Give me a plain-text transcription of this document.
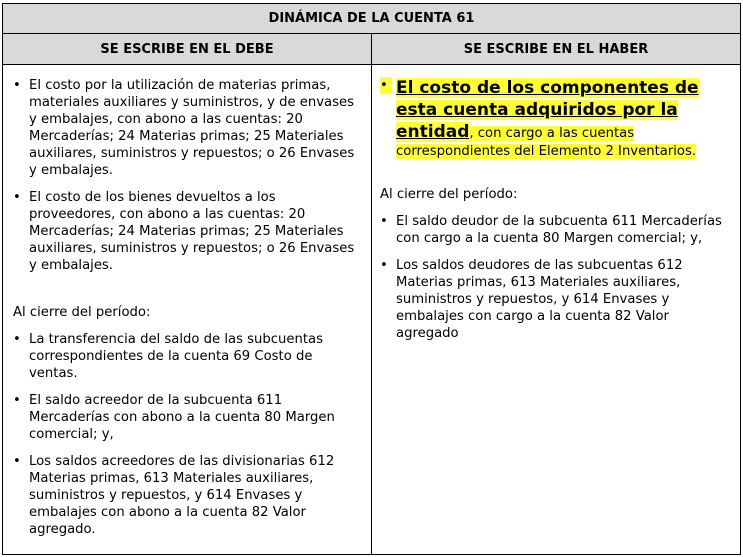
DINÁMICA DE LA CUENTA 61
SE ESCRIBE EN EL DEBE	SE ESCRIBE EN EL HABER
• El costo por la utilización de materias primas, materiales auxiliares y suministros, y de envases y embalajes, con abono a las cuentas: 20 Mercaderías; 24 Materias primas; 25 Materiales auxiliares, suministros y repuestos; o 26 Envases y embalajes.
• El costo de los bienes devueltos a los proveedores, con abono a las cuentas: 20 Mercaderías; 24 Materias primas; 25 Materiales auxiliares, suministros y repuestos; o 26 Envases y embalajes.
Al cierre del período:
• La transferencia del saldo de las subcuentas correspondientes de la cuenta 69 Costo de ventas.
• El saldo acreedor de la subcuenta 611 Mercaderías con abono a la cuenta 80 Margen comercial; y,
• Los saldos acreedores de las divisionarias 612 Materias primas, 613 Materiales auxiliares, suministros y repuestos, y 614 Envases y embalajes con abono a la cuenta 82 Valor agregado.
• El costo de los componentes de esta cuenta adquiridos por la entidad, con cargo a las cuentas correspondientes del Elemento 2 Inventarios.
Al cierre del período:
• El saldo deudor de la subcuenta 611 Mercaderías con cargo a la cuenta 80 Margen comercial; y,
• Los saldos deudores de las subcuentas 612 Materias primas, 613 Materiales auxiliares, suministros y repuestos, y 614 Envases y embalajes con cargo a la cuenta 82 Valor agregado
